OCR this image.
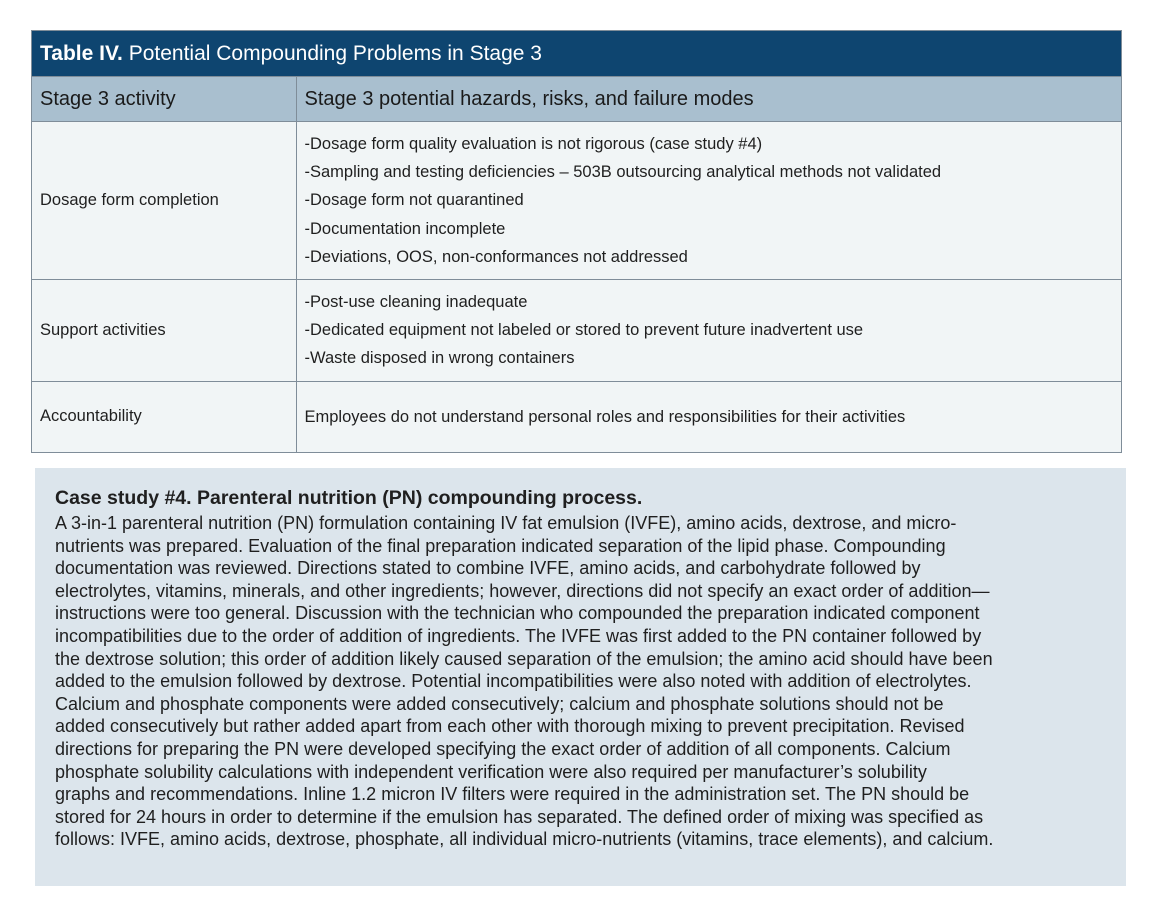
Table IV. Potential Compounding Problems in Stage 3
Stage 3 activity	Stage 3 potential hazards, risks, and failure modes
Dosage form completion	-Dosage form quality evaluation is not rigorous (case study #4)
-Sampling and testing deficiencies – 503B outsourcing analytical methods not validated
-Dosage form not quarantined
-Documentation incomplete
-Deviations, OOS, non-conformances not addressed

Support activities	-Post-use cleaning inadequate
-Dedicated equipment not labeled or stored to prevent future inadvertent use
-Waste disposed in wrong containers

Accountability	Employees do not understand personal roles and responsibilities for their activities
Case study #4. Parenteral nutrition (PN) compounding process.
A 3-in-1 parenteral nutrition (PN) formulation containing IV fat emulsion (IVFE), amino acids, dextrose, and micro-
nutrients was prepared. Evaluation of the final preparation indicated separation of the lipid phase. Compounding
documentation was reviewed. Directions stated to combine IVFE, amino acids, and carbohydrate followed by
electrolytes, vitamins, minerals, and other ingredients; however, directions did not specify an exact order of addition—
instructions were too general. Discussion with the technician who compounded the preparation indicated component
incompatibilities due to the order of addition of ingredients. The IVFE was first added to the PN container followed by
the dextrose solution; this order of addition likely caused separation of the emulsion; the amino acid should have been
added to the emulsion followed by dextrose. Potential incompatibilities were also noted with addition of electrolytes.
Calcium and phosphate components were added consecutively; calcium and phosphate solutions should not be
added consecutively but rather added apart from each other with thorough mixing to prevent precipitation. Revised
directions for preparing the PN were developed specifying the exact order of addition of all components. Calcium
phosphate solubility calculations with independent verification were also required per manufacturer’s solubility
graphs and recommendations. Inline 1.2 micron IV filters were required in the administration set. The PN should be
stored for 24 hours in order to determine if the emulsion has separated. The defined order of mixing was specified as
follows: IVFE, amino acids, dextrose, phosphate, all individual micro-nutrients (vitamins, trace elements), and calcium.
